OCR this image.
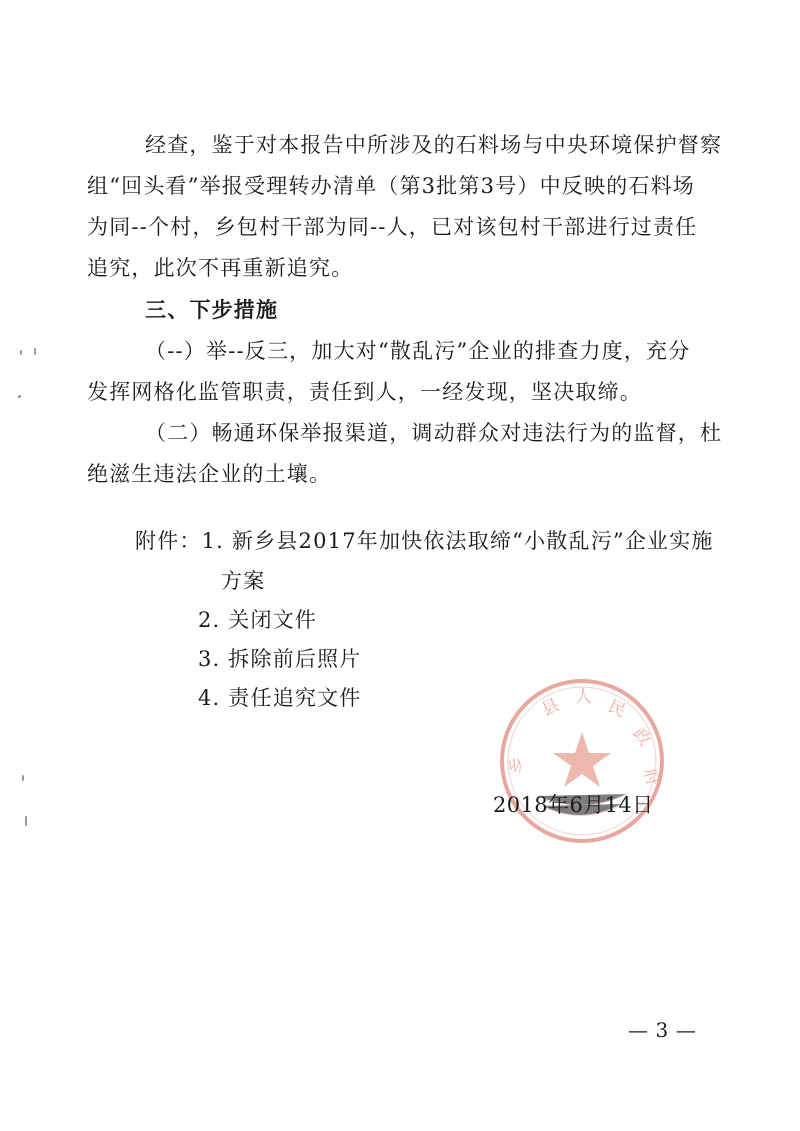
经查，鉴于对本报告中所涉及的石料场与中央环境保护督察

组“回头看”举报受理转办清单（第3批第3号）中反映的石料场

为同--个村，乡包村干部为同--人，已对该包村干部进行过责任

追究，此次不再重新追究。

三、下步措施

（--）举--反三，加大对“散乱污”企业的排查力度，充分

发挥网格化监管职责，责任到人，一经发现，坚决取缔。

（二）畅通环保举报渠道，调动群众对违法行为的监督，杜

绝滋生违法企业的土壤。

附件：1. 新乡县2017年加快依法取缔“小散乱污”企业实施

方案

2. 关闭文件

3. 拆除前后照片

4. 责任追究文件

乡
县 人 民
政
府

2018年6月14日

— 3 —
